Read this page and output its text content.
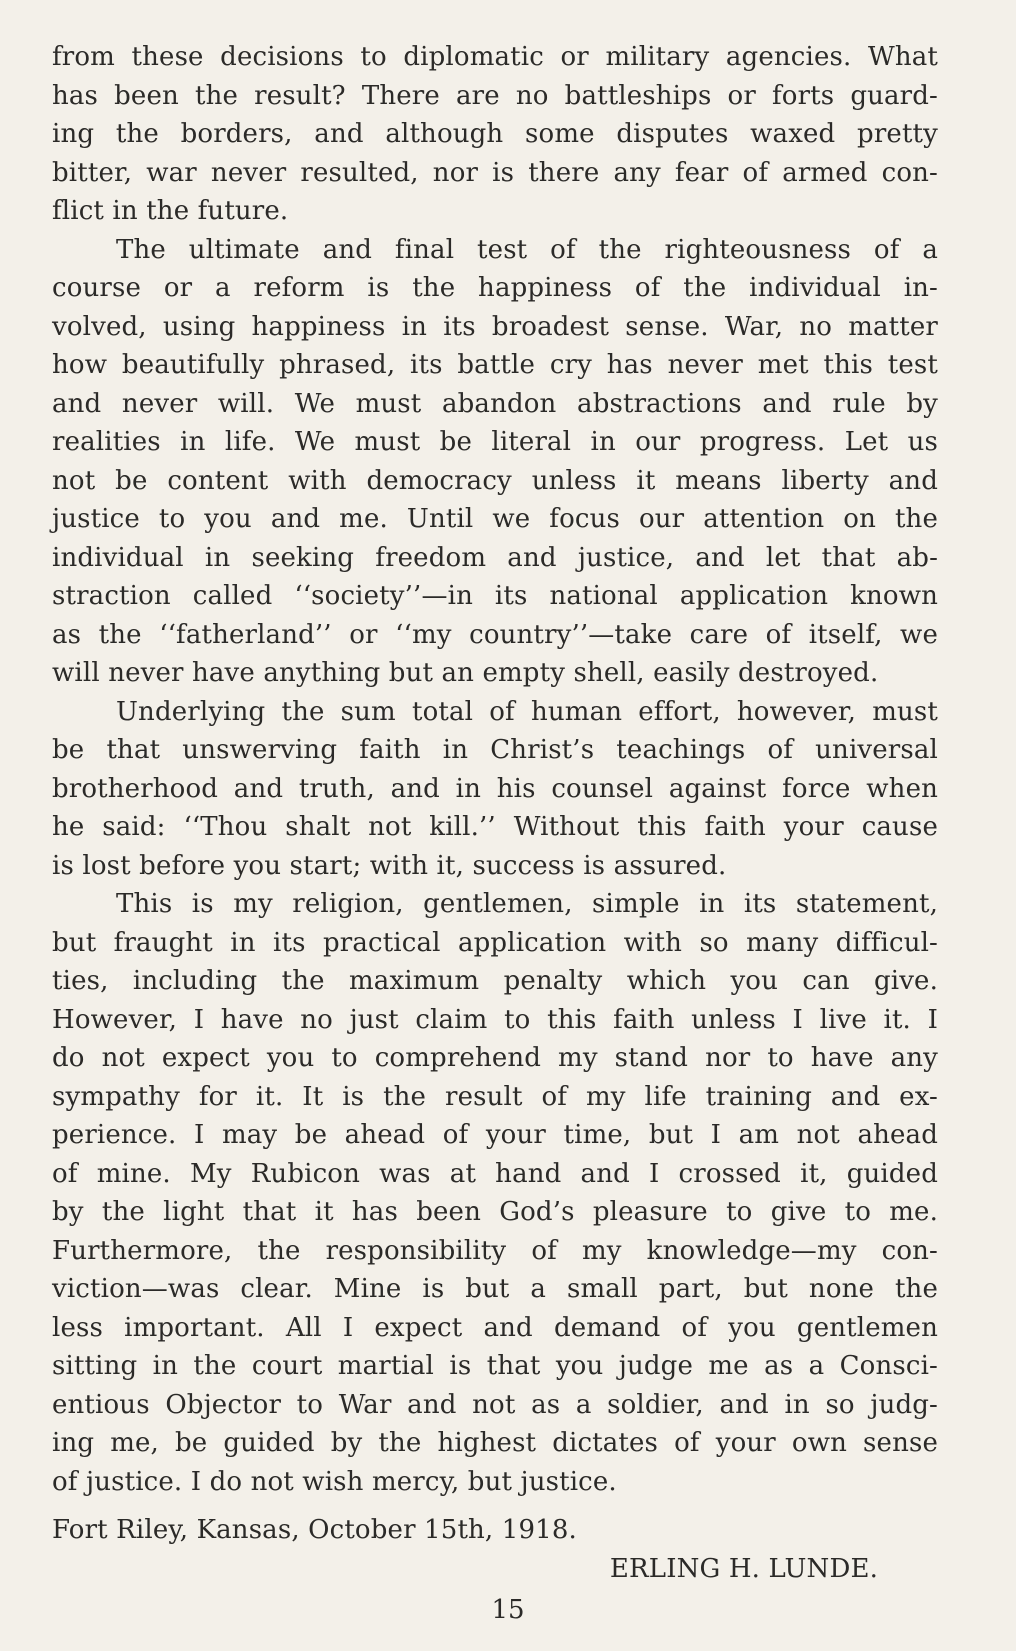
from these decisions to diplomatic or military agencies. What
has been the result? There are no battleships or forts guard-
ing the borders, and although some disputes waxed pretty
bitter, war never resulted, nor is there any fear of armed con-
flict in the future.
The ultimate and final test of the righteousness of a
course or a reform is the happiness of the individual in-
volved, using happiness in its broadest sense. War, no matter
how beautifully phrased, its battle cry has never met this test
and never will. We must abandon abstractions and rule by
realities in life. We must be literal in our progress. Let us
not be content with democracy unless it means liberty and
justice to you and me. Until we focus our attention on the
individual in seeking freedom and justice, and let that ab-
straction called ‘‘society’’—in its national application known
as the ‘‘fatherland’’ or ‘‘my country’’—take care of itself, we
will never have anything but an empty shell, easily destroyed.
Underlying the sum total of human effort, however, must
be that unswerving faith in Christ’s teachings of universal
brotherhood and truth, and in his counsel against force when
he said: ‘‘Thou shalt not kill.’’ Without this faith your cause
is lost before you start; with it, success is assured.
This is my religion, gentlemen, simple in its statement,
but fraught in its practical application with so many difficul-
ties, including the maximum penalty which you can give.
However, I have no just claim to this faith unless I live it. I
do not expect you to comprehend my stand nor to have any
sympathy for it. It is the result of my life training and ex-
perience. I may be ahead of your time, but I am not ahead
of mine. My Rubicon was at hand and I crossed it, guided
by the light that it has been God’s pleasure to give to me.
Furthermore, the responsibility of my knowledge—my con-
viction—was clear. Mine is but a small part, but none the
less important. All I expect and demand of you gentlemen
sitting in the court martial is that you judge me as a Consci-
entious Objector to War and not as a soldier, and in so judg-
ing me, be guided by the highest dictates of your own sense
of justice. I do not wish mercy, but justice.
Fort Riley, Kansas, October 15th, 1918.
ERLING H. LUNDE.
15
